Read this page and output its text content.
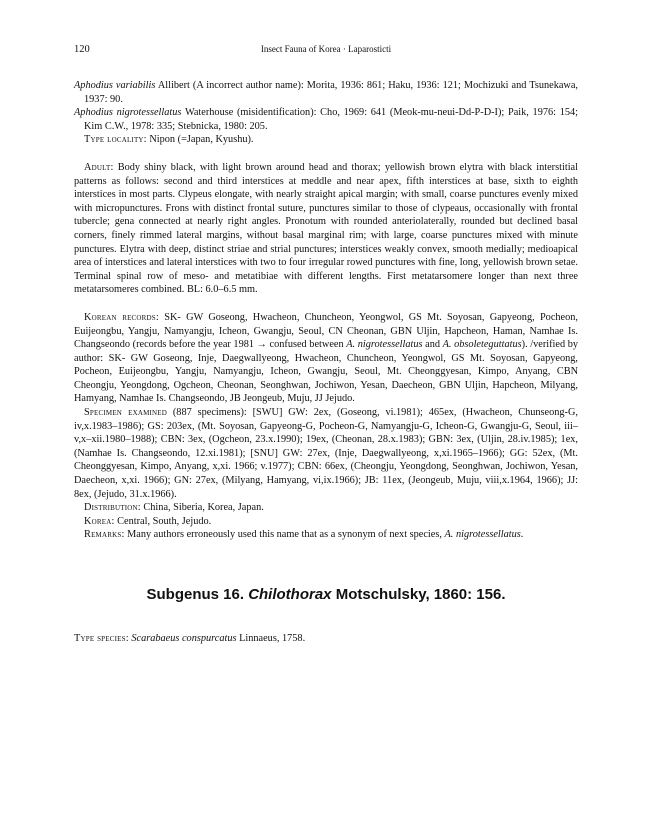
120	Insect Fauna of Korea · Laparosticti

Aphodius variabilis Allibert (A incorrect author name): Morita, 1936: 861; Haku, 1936: 121; Mochizuki and Tsunekawa, 1937: 90.

Aphodius nigrotessellatus Waterhouse (misidentification): Cho, 1969: 641 (Meok-mu-neui-Dd-P-D-I); Paik, 1976: 154; Kim C.W., 1978: 335; Stebnicka, 1980: 205.

Type locality: Nipon (=Japan, Kyushu).

Adult: Body shiny black, with light brown around head and thorax; yellowish brown elytra with black interstitial patterns as follows: second and third interstices at meddle and near apex, fifth interstices at base, sixth to eighth interstices in most parts. Clypeus elongate, with nearly straight apical margin; with small, coarse punctures evenly mixed with micropunctures. Frons with distinct frontal suture, punctures similar to those of clypeaus, occasionally with frontal tubercle; gena connected at nearly right angles. Pronotum with rounded anteriolaterally, rounded but declined basal corners, finely rimmed lateral margins, without basal marginal rim; with large, coarse punctures mixed with minute punctures. Elytra with deep, distinct striae and strial punctures; interstices weakly convex, smooth medially; medioapical area of interstices and lateral interstices with two to four irregular rowed punctures with fine, long, yellowish brown setae. Terminal spinal row of meso- and metatibiae with different lengths. First metatarsomere longer than next three metatarsomeres combined. BL: 6.0–6.5 mm.

Korean records: SK- GW Goseong, Hwacheon, Chuncheon, Yeongwol, GS Mt. Soyosan, Gapyeong, Pocheon, Euijeongbu, Yangju, Namyangju, Icheon, Gwangju, Seoul, CN Cheonan, GBN Uljin, Hapcheon, Haman, Namhae Is. Changseondo (records before the year 1981 → confused between A. nigrotessellatus and A. obsoleteguttatus). /verified by author: SK- GW Goseong, Inje, Daegwallyeong, Hwacheon, Chuncheon, Yeongwol, GS Mt. Soyosan, Gapyeong, Pocheon, Euijeongbu, Yangju, Namyangju, Icheon, Gwangju, Seoul, Mt. Cheonggyesan, Kimpo, Anyang, CBN Cheongju, Yeongdong, Ogcheon, Cheonan, Seonghwan, Jochiwon, Yesan, Daecheon, GBN Uljin, Hapcheon, Milyang, Hamyang, Namhae Is. Changseondo, JB Jeongeub, Muju, JJ Jejudo.

Specimen examined (887 specimens): [SWU] GW: 2ex, (Goseong, vi.1981); 465ex, (Hwacheon, Chunseong-G, iv,x.1983–1986); GS: 203ex, (Mt. Soyosan, Gapyeong-G, Pocheon-G, Namyangju-G, Icheon-G, Gwangju-G, Seoul, iii–v,x–xii.1980–1988); CBN: 3ex, (Ogcheon, 23.x.1990); 19ex, (Cheonan, 28.x.1983); GBN: 3ex, (Uljin, 28.iv.1985); 1ex, (Namhae Is. Changseondo, 12.xi.1981); [SNU] GW: 27ex, (Inje, Daegwallyeong, x,xi.1965–1966); GG: 52ex, (Mt. Cheonggyesan, Kimpo, Anyang, x,xi. 1966; v.1977); CBN: 66ex, (Cheongju, Yeongdong, Seonghwan, Jochiwon, Yesan, Daecheon, x,xi. 1966); GN: 27ex, (Milyang, Hamyang, vi,ix.1966); JB: 11ex, (Jeongeub, Muju, viii,x.1964, 1966); JJ: 8ex, (Jejudo, 31.x.1966).

Distribution: China, Siberia, Korea, Japan.

Korea: Central, South, Jejudo.

Remarks: Many authors erroneously used this name that as a synonym of next species, A. nigrotessellatus.

Subgenus 16. Chilothorax Motschulsky, 1860: 156.

Type species: Scarabaeus conspurcatus Linnaeus, 1758.
